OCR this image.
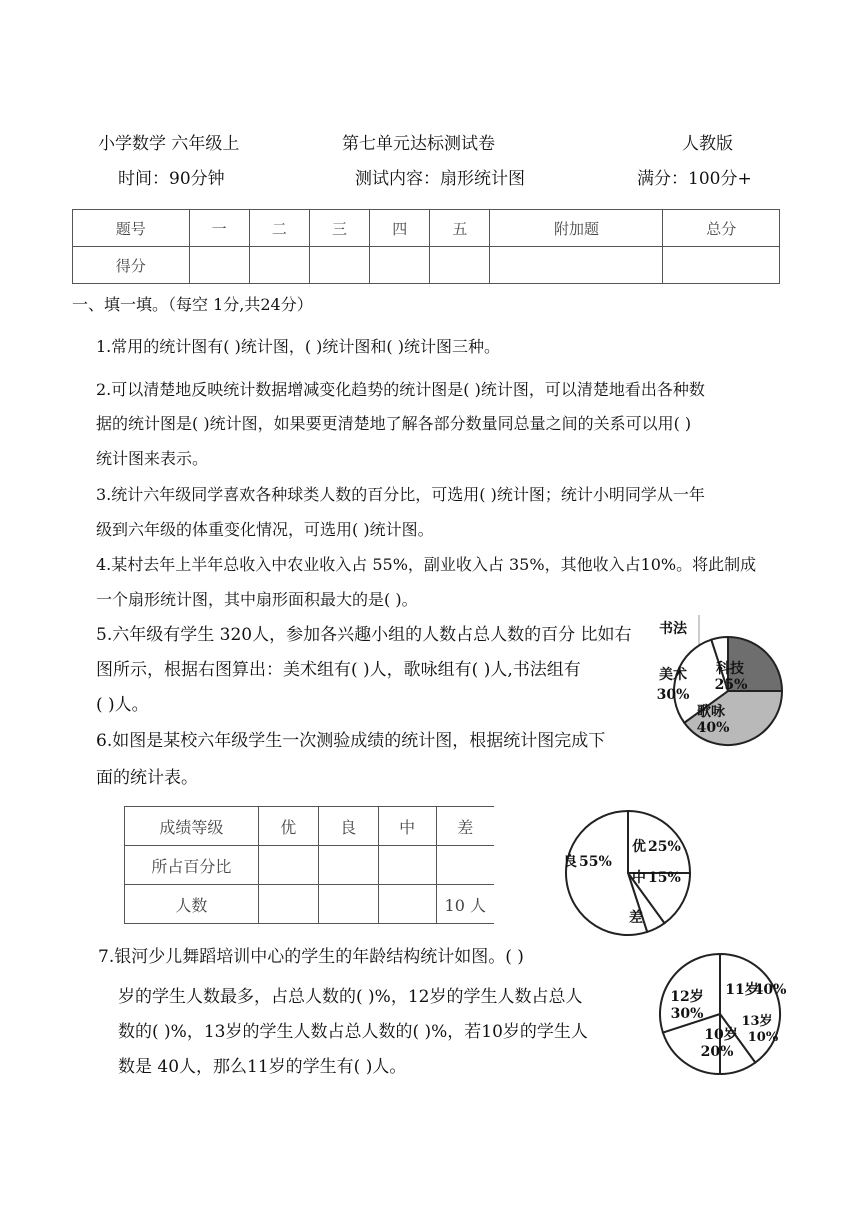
小学数学 六年级上	第七单元达标测试卷	人教版
时间：90分钟	测试内容：扇形统计图	满分：100分+
题号	一	二	三	四	五	附加题	总分
得分							
一、填一填。（每空 1分,共24分）
1.常用的统计图有( )统计图，( )统计图和( )统计图三种。
2.可以清楚地反映统计数据增减变化趋势的统计图是( )统计图，可以清楚地看出各种数
据的统计图是( )统计图，如果要更清楚地了解各部分数量同总量之间的关系可以用( )
统计图来表示。
3.统计六年级同学喜欢各种球类人数的百分比，可选用( )统计图；统计小明同学从一年
级到六年级的体重变化情况，可选用( )统计图。
4.某村去年上半年总收入中农业收入占 55%，副业收入占 35%，其他收入占10%。将此制成
一个扇形统计图，其中扇形面积最大的是( )。
5.六年级有学生 320人，参加各兴趣小组的人数占总人数的百分 比如右
图所示，根据右图算出：美术组有( )人，歌咏组有( )人,书法组有
( )人。
6.如图是某校六年级学生一次测验成绩的统计图，根据统计图完成下
面的统计表。
成绩等级	优	良	中	差
所占百分比				
人数				10 人
7.银河少儿舞蹈培训中心的学生的年龄结构统计如图。( )
岁的学生人数最多，占总人数的( )%，12岁的学生人数占总人
数的( )%，13岁的学生人数占总人数的( )%，若10岁的学生人
数是 40人，那么11岁的学生有( )人。
科技
25%
歌咏
40%
美术
30%
书法
优 25%
中 15%
差
良 55%
11岁
40%
13岁
10%
10岁
20%
12岁
30%
